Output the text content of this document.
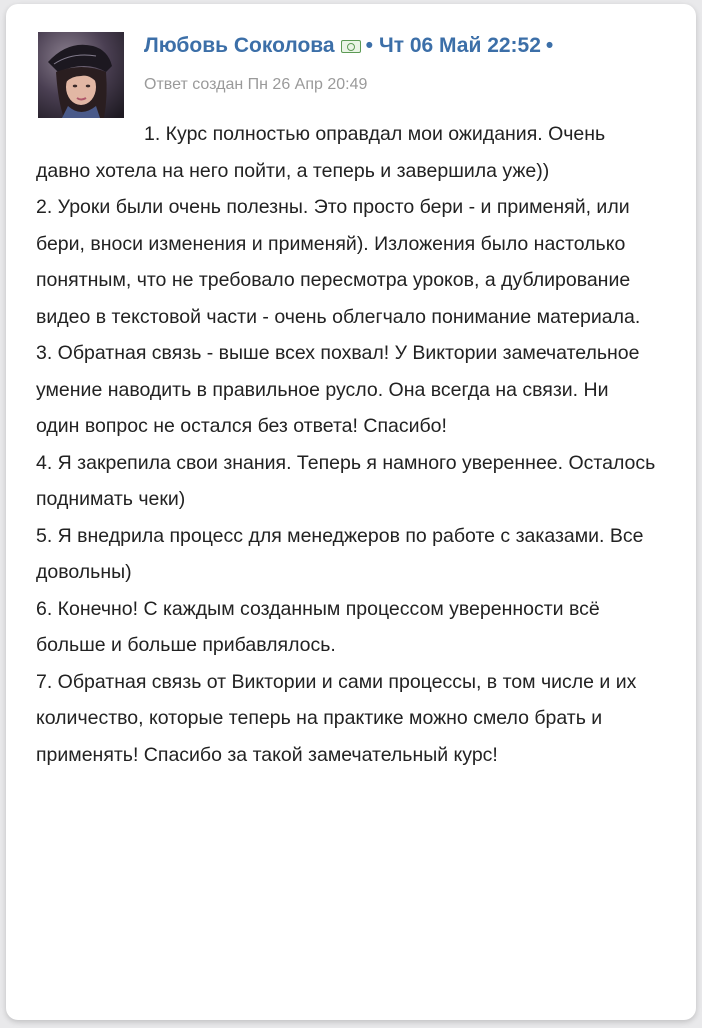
Любовь Соколова • Чт 06 Май 22:52 •
Ответ создан Пн 26 Апр 20:49

1. Курс полностью оправдал мои ожидания. Очень давно хотела на него пойти, а теперь и завершила уже))

2. Уроки были очень полезны. Это просто бери - и применяй, или бери, вноси изменения и применяй). Изложения было настолько понятным, что не требовало пересмотра уроков, а дублирование видео в текстовой части - очень облегчало понимание материала.

3. Обратная связь - выше всех похвал! У Виктории замечательное умение наводить в правильное русло. Она всегда на связи. Ни один вопрос не остался без ответа! Спасибо!

4. Я закрепила свои знания. Теперь я намного увереннее. Осталось поднимать чеки)

5. Я внедрила процесс для менеджеров по работе с заказами. Все довольны)

6. Конечно! С каждым созданным процессом уверенности всё больше и больше прибавлялось.

7. Обратная связь от Виктории и сами процессы, в том числе и их количество, которые теперь на практике можно смело брать и применять! Спасибо за такой замечательный курс!
